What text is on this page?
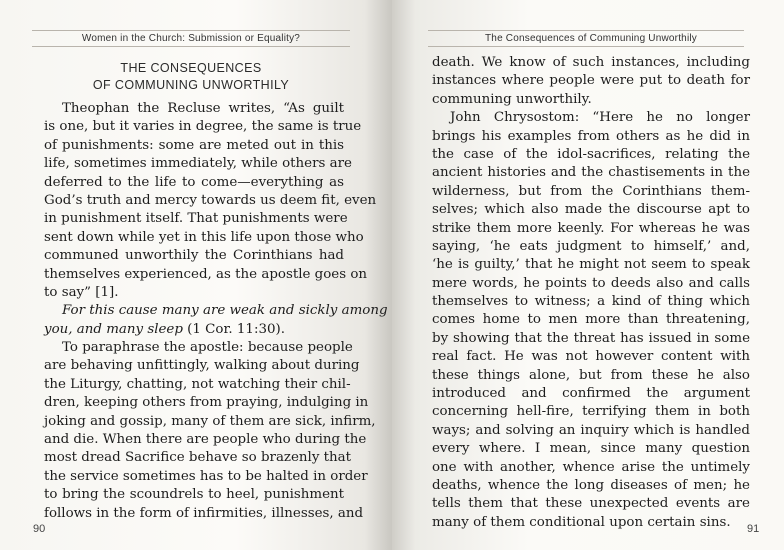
Women in the Church: Submission or Equality?
THE CONSEQUENCES
OF COMMUNING UNWORTHILY
Theophan the Recluse writes, “As guilt
is one, but it varies in degree, the same is true
of punishments: some are meted out in this
life, sometimes immediately, while others are
deferred to the life to come—everything as
God’s truth and mercy towards us deem fit, even
in punishment itself. That punishments were
sent down while yet in this life upon those who
communed unworthily the Corinthians had
themselves experienced, as the apostle goes on
to say” [1].
For this cause many are weak and sickly among
you, and many sleep (1 Cor. 11:30).
To paraphrase the apostle: because people
are behaving unfittingly, walking about during
the Liturgy, chatting, not watching their chil-
dren, keeping others from praying, indulging in
joking and gossip, many of them are sick, infirm,
and die. When there are people who during the
most dread Sacrifice behave so brazenly that
the service sometimes has to be halted in order
to bring the scoundrels to heel, punishment
follows in the form of infirmities, illnesses, and
90
The Consequences of Communing Unworthily
death. We know of such instances, including
instances where people were put to death for
communing unworthily.
John Chrysostom: “Here he no longer
brings his examples from others as he did in
the case of the idol-sacrifices, relating the
ancient histories and the chastisements in the
wilderness, but from the Corinthians them-
selves; which also made the discourse apt to
strike them more keenly. For whereas he was
saying, ‘he eats judgment to himself,’ and,
‘he is guilty,’ that he might not seem to speak
mere words, he points to deeds also and calls
themselves to witness; a kind of thing which
comes home to men more than threatening,
by showing that the threat has issued in some
real fact. He was not however content with
these things alone, but from these he also
introduced and confirmed the argument
concerning hell-fire, terrifying them in both
ways; and solving an inquiry which is handled
every where. I mean, since many question
one with another, whence arise the untimely
deaths, whence the long diseases of men; he
tells them that these unexpected events are
many of them conditional upon certain sins.	91
